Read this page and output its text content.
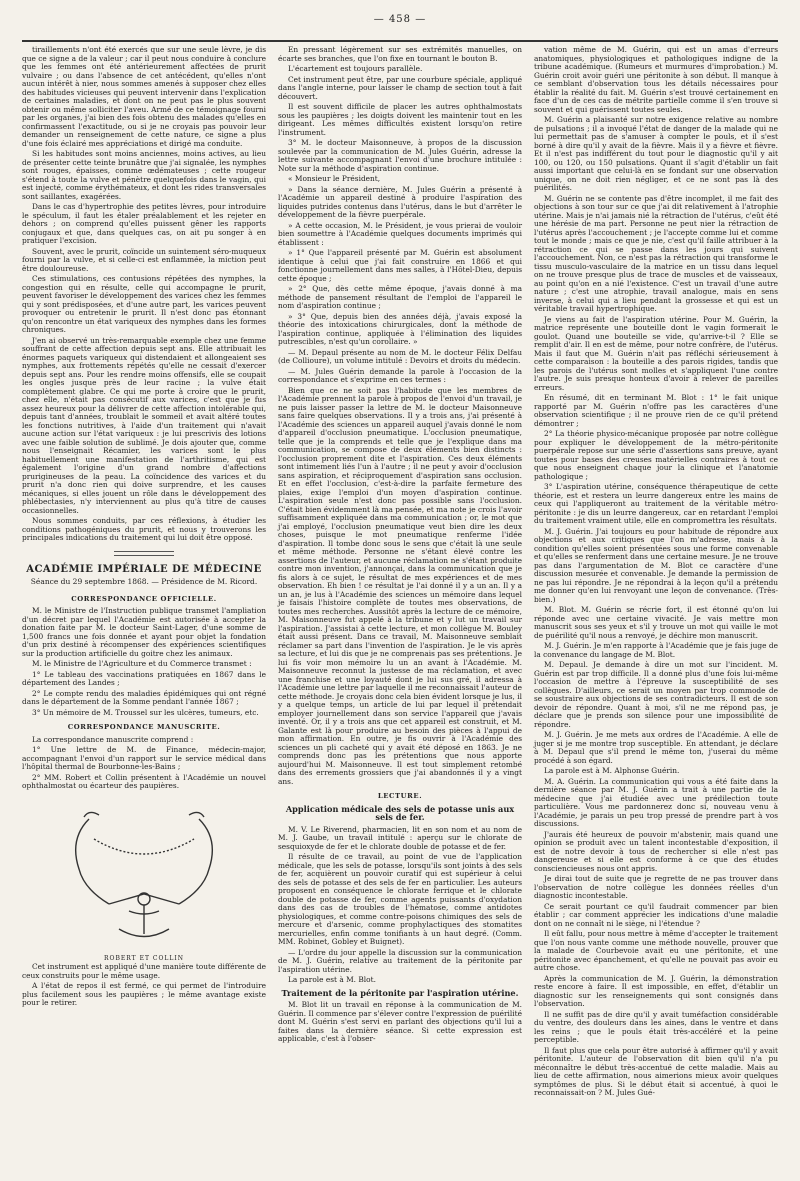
— 458 —

tiraillements n'ont été exercés que sur une seule lèvre, je dis que ce signe a de la valeur ; car il peut nous conduire à conclure que les femmes ont été antérieurement affectées de prurit vulvaire ; ou dans l'absence de cet antécédent, qu'elles n'ont aucun intérêt à nier, nous sommes amenés à supposer chez elles des habitudes vicieuses qui peuvent intervenir dans l'explication de certaines maladies, et dont on ne peut pas le plus souvent obtenir ou même solliciter l'aveu. Armé de ce témoignage fourni par les organes, j'ai bien des fois obtenu des malades qu'elles en confirmassent l'exactitude, ou si je ne croyais pas pouvoir leur demander un renseignement de cette nature, ce signe a plus d'une fois éclairé mes appréciations et dirigé ma conduite.

Si les habitudes sont moins anciennes, moins actives, au lieu de présenter cette teinte brunâtre que j'ai signalée, les nymphes sont rouges, épaisses, comme œdémateuses ; cette rougeur s'étend à toute la vulve et pénètre quelquefois dans le vagin, qui est injecté, comme érythémateux, et dont les rides transversales sont saillantes, exagérées.

Dans le cas d'hypertrophie des petites lèvres, pour introduire le spéculum, il faut les étaler préalablement et les rejeter en dehors ; on comprend qu'elles puissent gêner les rapports conjugaux et que, dans quelques cas, on ait pu songer à en pratiquer l'excision.

Souvent, avec le prurit, coïncide un suintement séro-muqueux fourni par la vulve, et si celle-ci est enflammée, la miction peut être douloureuse.

Ces stimulations, ces contusions répétées des nymphes, la congestion qui en résulte, celle qui accompagne le prurit, peuvent favoriser le développement des varices chez les femmes qui y sont prédisposées, et d'une autre part, les varices peuvent provoquer ou entretenir le prurit. Il n'est donc pas étonnant qu'on rencontre un état variqueux des nymphes dans les formes chroniques.

J'en ai observé un très-remarquable exemple chez une femme souffrant de cette affection depuis sept ans. Elle attribuait les énormes paquets variqueux qui distendaient et allongeaient ses nymphes, aux frottements répétés qu'elle ne cessait d'exercer depuis sept ans. Pour les rendre moins offensifs, elle se coupait les ongles jusque près de leur racine ; la vulve était complètement glabre. Ce qui me porte à croire que le prurit, chez elle, n'était pas consécutif aux varices, c'est que je fus assez heureux pour la délivrer de cette affection intolérable qui, depuis tant d'années, troublait le sommeil et avait altéré toutes les fonctions nutritives, à l'aide d'un traitement qui n'avait aucune action sur l'état variqueux : je lui prescrivis des lotions avec une faible solution de sublimé. Je dois ajouter que, comme nous l'enseignait Récamier, les varices sont le plus habituellement une manifestation de l'arthritisme, qui est également l'origine d'un grand nombre d'affections prurigineuses de la peau. La coïncidence des varices et du prurit n'a donc rien qui doive surprendre, et les causes mécaniques, si elles jouent un rôle dans le développement des phlébectasies, n'y interviennent au plus qu'à titre de causes occasionnelles.

Nous sommes conduits, par ces réflexions, à étudier les conditions pathogéniques du prurit, et nous y trouverons les principales indications du traitement qui lui doit être opposé.

ACADÉMIE IMPÉRIALE DE MÉDECINE
Séance du 29 septembre 1868. — Présidence de M. Ricord.
CORRESPONDANCE OFFICIELLE.

M. le Ministre de l'Instruction publique transmet l'ampliation d'un décret par lequel l'Académie est autorisée à accepter la donation faite par M. le docteur Saint-Lager, d'une somme de 1,500 francs une fois donnée et ayant pour objet la fondation d'un prix destiné à récompenser des expériences scientifiques sur la production artificielle du goitre chez les animaux.

M. le Ministre de l'Agriculture et du Commerce transmet :

1° Le tableau des vaccinations pratiquées en 1867 dans le département des Landes ;

2° Le compte rendu des maladies épidémiques qui ont régné dans le département de la Somme pendant l'année 1867 ;

3° Un mémoire de M. Troussel sur les ulcères, tumeurs, etc.

CORRESPONDANCE MANUSCRITE.

La correspondance manuscrite comprend :

1° Une lettre de M. de Finance, médecin-major, accompagnant l'envoi d'un rapport sur le service médical dans l'hôpital thermal de Bourbonne-les-Bains ;

2° MM. Robert et Collin présentent à l'Académie un nouvel ophthalmostat ou écarteur des paupières.

ROBERT ET COLLIN

Cet instrument est appliqué d'une manière toute différente de ceux construits pour le même usage.

A l'état de repos il est fermé, ce qui permet de l'introduire plus facilement sous les paupières ; le même avantage existe pour le retirer.

En pressant légèrement sur ses extrémités manuelles, on écarte ses branches, que l'on fixe en tournant le bouton B.

L'écartement est toujours parallèle.

Cet instrument peut être, par une courbure spéciale, appliqué dans l'angle interne, pour laisser le champ de section tout à fait découvert.

Il est souvent difficile de placer les autres ophthalmostats sous les paupières ; les doigts doivent les maintenir tout en les dirigeant. Les mêmes difficultés existent lorsqu'on retire l'instrument.

3° M. le docteur Maisonneuve, à propos de la discussion soulevée par la communication de M. Jules Guérin, adresse la lettre suivante accompagnant l'envoi d'une brochure intitulée : Note sur la méthode d'aspiration continue.

« Monsieur le Président,

» Dans la séance dernière, M. Jules Guérin a présenté à l'Académie un appareil destiné à produire l'aspiration des liquides putrides contenus dans l'utérus, dans le but d'arrêter le développement de la fièvre puerpérale.

» A cette occasion, M. le Président, je vous prierai de vouloir bien soumettre à l'Académie quelques documents imprimés qui établissent :

» 1° Que l'appareil présenté par M. Guérin est absolument identique à celui que j'ai fait construire en 1866 et qui fonctionne journellement dans mes salles, à l'Hôtel-Dieu, depuis cette époque ;

» 2° Que, dès cette même époque, j'avais donné à ma méthode de pansement résultant de l'emploi de l'appareil le nom d'aspiration continue ;

» 3° Que, depuis bien des années déjà, j'avais exposé la théorie des intoxications chirurgicales, dont la méthode de l'aspiration continue, appliquée à l'élimination des liquides putrescibles, n'est qu'un corollaire. »

— M. Depaul présente au nom de M. le docteur Félix Delfau (de Collioure), un volume intitulé : Devoirs et droits du médecin.

— M. Jules Guérin demande la parole à l'occasion de la correspondance et s'exprime en ces termes :

Bien que ce ne soit pas l'habitude que les membres de l'Académie prennent la parole à propos de l'envoi d'un travail, je ne puis laisser passer la lettre de M. le docteur Maisonneuve sans faire quelques observations. Il y a trois ans, j'ai présenté à l'Académie des sciences un appareil auquel j'avais donné le nom d'appareil d'occlusion pneumatique. L'occlusion pneumatique, telle que je la comprends et telle que je l'explique dans ma communication, se compose de deux éléments bien distincts : l'occlusion proprement dite et l'aspiration. Ces deux éléments sont intimement liés l'un à l'autre ; il ne peut y avoir d'occlusion sans aspiration, et réciproquement d'aspiration sans occlusion. Et en effet l'occlusion, c'est-à-dire la parfaite fermeture des plaies, exige l'emploi d'un moyen d'aspiration continue. L'aspiration seule n'est donc pas possible sans l'occlusion. C'était bien évidemment là ma pensée, et ma note je crois l'avoir suffisamment expliquée dans ma communication ; or, le mot que j'ai employé, l'occlusion pneumatique veut bien dire les deux choses, puisque le mot pneumatique renferme l'idée d'aspiration. Il tombe donc sous le sens que c'était là une seule et même méthode. Personne ne s'étant élevé contre les assertions de l'auteur, et aucune réclamation ne s'étant produite contre mon invention, j'annonçai, dans la communication que je fis alors à ce sujet, le résultat de mes expériences et de mes observation. Eh bien ! ce résultat je l'ai donné il y a un an. Il y a un an, je lus à l'Académie des sciences un mémoire dans lequel je faisais l'histoire complète de toutes mes observations, de toutes mes recherches. Aussitôt après la lecture de ce mémoire, M. Maisonneuve fut appelé à la tribune et y lut un travail sur l'aspiration. J'assistai à cette lecture, et mon collègue M. Bouley était aussi présent. Dans ce travail, M. Maisonneuve semblait réclamer sa part dans l'invention de l'aspiration. Je le vis après sa lecture, et lui dis que je ne comprenais pas ses prétentions. Je lui fis voir mon mémoire lu un an avant à l'Académie. M. Maisonneuve reconnut la justesse de ma réclamation, et avec une franchise et une loyauté dont je lui sus gré, il adressa à l'Académie une lettre par laquelle il me reconnaissait l'auteur de cette méthode. Je croyais donc cela bien évident lorsque je lus, il y a quelque temps, un article de lui par lequel il prétendait employer journellement dans son service l'appareil que j'avais inventé. Or, il y a trois ans que cet appareil est construit, et M. Galante est là pour produire au besoin des pièces à l'appui de mon affirmation. En outre, je fis ouvrir à l'Académie des sciences un pli cacheté qui y avait été déposé en 1863. Je ne comprends donc pas les prétentions que nous apporte aujourd'hui M. Maisonneuve. Il est tout simplement retombé dans des errements grossiers que j'ai abandonnés il y a vingt ans.

LECTURE.
Application médicale des sels de potasse unis aux sels de fer.

M. V. Le Riverend, pharmacien, lit en son nom et au nom de M. J. Gaube, un travail intitulé : aperçu sur le chlorate de sesquioxyde de fer et le chlorate double de potasse et de fer.

Il résulte de ce travail, au point de vue de l'application médicale, que les sels de potasse, lorsqu'ils sont joints à des sels de fer, acquièrent un pouvoir curatif qui est supérieur à celui des sels de potasse et des sels de fer en particulier. Les auteurs proposent en conséquence le chlorate ferrique et le chlorate double de potasse de fer, comme agents puissants d'oxydation dans des cas de troubles de l'hématose, comme antidotes physiologiques, et comme contre-poisons chimiques des sels de mercure et d'arsenic, comme prophylactiques des stomatites mercurielles, enfin comme tonifiants à un haut degré. (Comm. MM. Robinet, Gobley et Buignet).

— L'ordre du jour appelle la discussion sur la communication de M. J. Guérin, relative au traitement de la péritonite par l'aspiration utérine.

La parole est à M. Blot.

Traitement de la péritonite par l'aspiration utérine.

M. Blot lit un travail en réponse à la communication de M. Guérin. Il commence par s'élever contre l'expression de puérilité dont M. Guérin s'est servi en parlant des objections qu'il lui a faites dans la dernière séance. Si cette expression est applicable, c'est à l'obser-

vation même de M. Guérin, qui est un amas d'erreurs anatomiques, physiologiques et pathologiques indigne de la tribune académique. (Rumeurs et murmures d'improbation.) M. Guérin croit avoir guéri une péritonite à son début. Il manque à ce semblant d'observation tous les détails nécessaires pour établir la réalité du fait. M. Guérin s'est trouvé certainement en face d'un de ces cas de métrite partielle comme il s'en trouve si souvent et qui guérissent toutes seules.

M. Guérin a plaisanté sur notre exigence relative au nombre de pulsations ; il a invoqué l'état de danger de la malade qui ne lui permettait pas de s'amuser à compter le pouls, et il s'est borné à dire qu'il y avait de la fièvre. Mais il y a fièvre et fièvre. Et il n'est pas indifférent du tout pour le diagnostic qu'il y ait 100, ou 120, ou 150 pulsations. Quant il s'agit d'établir un fait aussi important que celui-là en se fondant sur une observation unique, on ne doit rien négliger, et ce ne sont pas là des puérilités.

M. Guérin ne se contente pas d'être incomplet, il me fait des objections à son tour sur ce que j'ai dit relativement à l'atrophie utérine. Mais je n'ai jamais nié la rétraction de l'utérus, c'eût été une hérésie de ma part. Personne ne peut nier la rétraction de l'utérus après l'accouchement ; je l'accepte comme lui et comme tout le monde ; mais ce que je nie, c'est qu'il faille attribuer à la rétraction ce qui se passe dans les jours qui suivent l'accouchement. Non, ce n'est pas la rétraction qui transforme le tissu musculo-vasculaire de la matrice en un tissu dans lequel on ne trouve presque plus de trace de muscles et de vaisseaux, au point qu'on en a nié l'existence. C'est un travail d'une autre nature ; c'est une atrophie, travail analogue, mais en sens inverse, à celui qui a lieu pendant la grossesse et qui est un véritable travail hypertrophique.

Je viens au fait de l'aspiration utérine. Pour M. Guérin, la matrice représente une bouteille dont le vagin formerait le goulot. Quand une bouteille se vide, qu'arrive-t-il ? Elle se remplit d'air. Il en est de même, pour notre confrère, de l'utérus. Mais il faut que M. Guérin n'ait pas réfléchi sérieusement à cette comparaison : la bouteille a des parois rigides, tandis que les parois de l'utérus sont molles et s'appliquent l'une contre l'autre. Je suis presque honteux d'avoir à relever de pareilles erreurs.

En résumé, dit en terminant M. Blot : 1° le fait unique rapporté par M. Guérin n'offre pas les caractères d'une observation scientifique ; il ne prouve rien de ce qu'il prétend démontrer ;

2° La théorie physico-mécanique proposée par notre collègue pour expliquer le développement de la métro-péritonite puerpérale repose sur une série d'assertions sans preuve, ayant toutes pour bases des creuses matérielles contraires à tout ce que nous enseignent chaque jour la clinique et l'anatomie pathologique ;

3° L'aspiration utérine, conséquence thérapeutique de cette théorie, est et restera un leurre dangereux entre les mains de ceux qui l'appliqueront au traitement de la véritable métro-péritonite : je dis un leurre dangereux, car en retardant l'emploi du traitement vraiment utile, elle en compromettra les résultats.

M. J. Guérin. J'ai toujours eu pour habitude de répondre aux objections et aux critiques que l'on m'adresse, mais à la condition qu'elles soient présentées sous une forme convenable et qu'elles se renferment dans une certaine mesure. Je ne trouve pas dans l'argumentation de M. Blot ce caractère d'une discussion mesurée et convenable. Je demande la permission de ne pas lui répondre. Je ne répondrai à la leçon qu'il a prétendu me donner qu'en lui renvoyant une leçon de convenance. (Très-bien.)

M. Blot. M. Guérin se récrie fort, il est étonné qu'on lui réponde avec une certaine vivacité. Je vais mettre mon manuscrit sous ses yeux et s'il y trouve un mot qui vaille le mot de puérilité qu'il nous a renvoyé, je déchire mon manuscrit.

M. J. Guérin. Je m'en rapporte à l'Académie que je fais juge de la convenance du langage de M. Blot.

M. Depaul. Je demande à dire un mot sur l'incident. M. Guérin est par trop difficile. Il a donné plus d'une fois lui-même l'occasion de mettre à l'épreuve la susceptibilité de ses collègues. D'ailleurs, ce serait un moyen par trop commode de se soustraire aux objections de ses contradicteurs. Il est de son devoir de répondre. Quant à moi, s'il ne me répond pas, je déclare que je prends son silence pour une impossibilité de répondre.

M. J. Guérin. Je me mets aux ordres de l'Académie. A elle de juger si je me montre trop susceptible. En attendant, je déclare à M. Depaul que s'il prend le même ton, j'userai du même procédé à son égard.

La parole est à M. Alphonse Guérin.

M. A. Guérin. La communication qui vous a été faite dans la dernière séance par M. J. Guérin a trait à une partie de la médecine que j'ai étudiée avec une prédilection toute particulière. Vous me pardonnerez donc si, nouveau venu à l'Académie, je parais un peu trop pressé de prendre part à vos discussions.

J'aurais été heureux de pouvoir m'abstenir, mais quand une opinion se produit avec un talent incontestable d'exposition, il est de notre devoir à tous de rechercher si elle n'est pas dangereuse et si elle est conforme à ce que des études consciencieuses nous ont appris.

Je dirai tout de suite que je regrette de ne pas trouver dans l'observation de notre collègue les données réelles d'un diagnostic incontestable.

Ce serait pourtant ce qu'il faudrait commencer par bien établir ; car comment apprécier les indications d'une maladie dont on ne connaît ni le siège, ni l'étendue ?

Il eût fallu, pour nous mettre à même d'accepter le traitement que l'on nous vante comme une méthode nouvelle, prouver que la malade de Courbevoie avait eu une péritonite, et une péritonite avec épanchement, et qu'elle ne pouvait pas avoir eu autre chose.

Après la communication de M. J. Guérin, la démonstration reste encore à faire. Il est impossible, en effet, d'établir un diagnostic sur les renseignements qui sont consignés dans l'observation.

Il ne suffit pas de dire qu'il y avait tuméfaction considérable du ventre, des douleurs dans les aines, dans le ventre et dans les reins ; que le pouls était très-accéléré et la peine perceptible.

Il faut plus que cela pour être autorisé à affirmer qu'il y avait péritonite. L'auteur de l'observation dit bien qu'il n'a pu méconnaître le début très-accentué de cette maladie. Mais au lieu de cette affirmation, nous aimerions mieux avoir quelques symptômes de plus. Si le début était si accentué, à quoi le reconnaissait-on ? M. Jules Gué-
